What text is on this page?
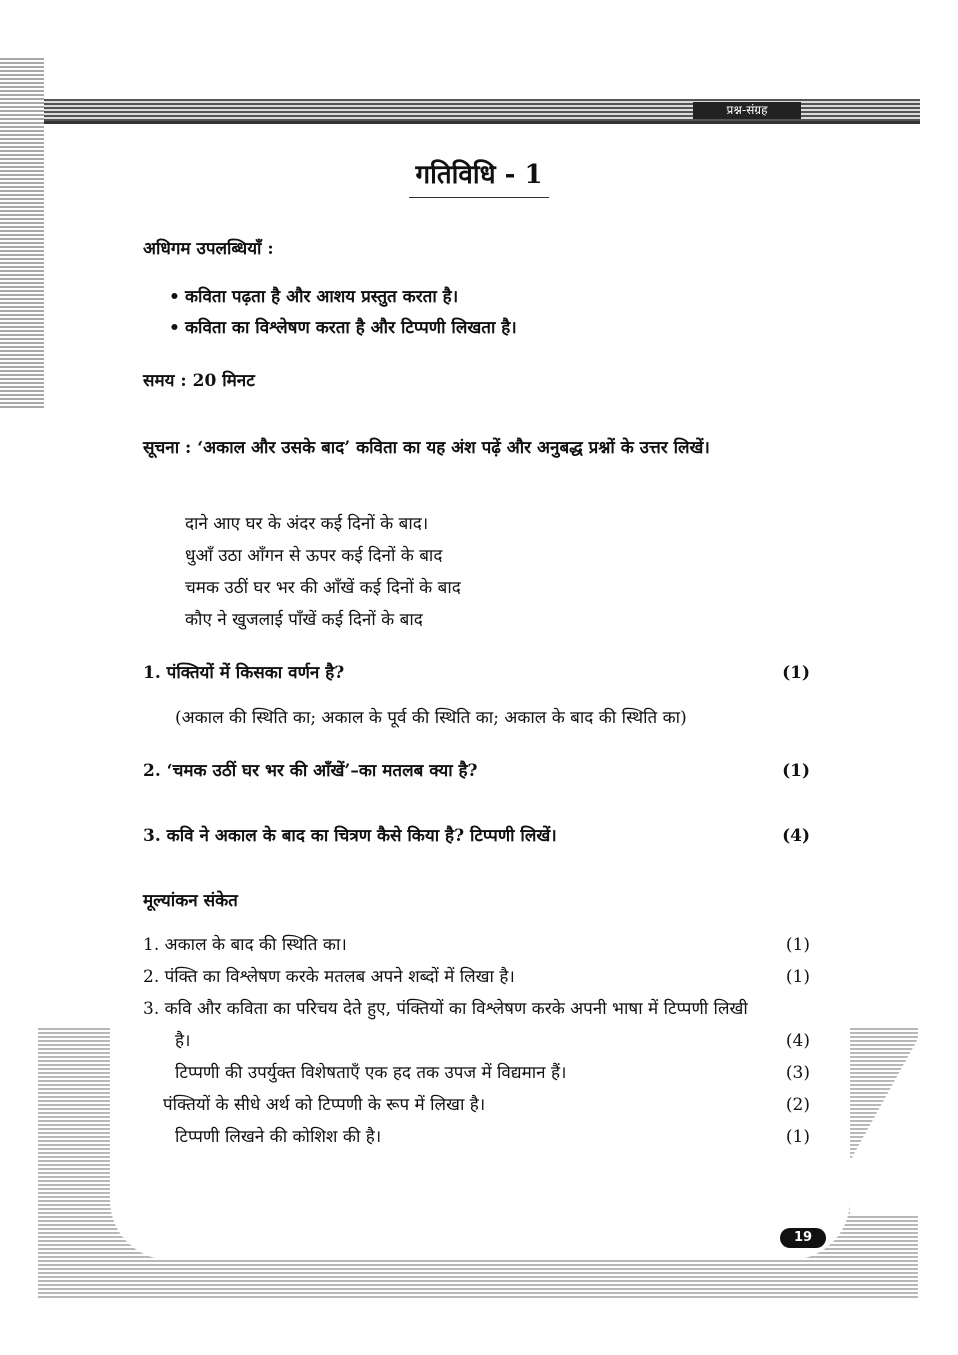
प्रश्न-संग्रह
गतिविधि - 1
अधिगम उपलब्धियाँ :
• कविता पढ़ता है और आशय प्रस्तुत करता है।
• कविता का विश्लेषण करता है और टिप्पणी लिखता है।
समय : 20 मिनट
सूचना : ‘अकाल और उसके बाद’ कविता का यह अंश पढ़ें और अनुबद्ध प्रश्नों के उत्तर लिखें।
दाने आए घर के अंदर कई दिनों के बाद।
धुआँ उठा आँगन से ऊपर कई दिनों के बाद
चमक उठीं घर भर की आँखें कई दिनों के बाद
कौए ने खुजलाई पाँखें कई दिनों के बाद
1. पंक्तियों में किसका वर्णन है?	(1)
(अकाल की स्थिति का; अकाल के पूर्व की स्थिति का; अकाल के बाद की स्थिति का)
2. ‘चमक उठीं घर भर की आँखें’–का मतलब क्या है?	(1)
3. कवि ने अकाल के बाद का चित्रण कैसे किया है? टिप्पणी लिखें।	(4)
मूल्यांकन संकेत
1. अकाल के बाद की स्थिति का।	(1)
2. पंक्ति का विश्लेषण करके मतलब अपने शब्दों में लिखा है।	(1)
3. कवि और कविता का परिचय देते हुए, पंक्तियों का विश्लेषण करके अपनी भाषा में टिप्पणी लिखी
है।	(4)
टिप्पणी की उपर्युक्त विशेषताएँ एक हद तक उपज में विद्यमान हैं।	(3)
पंक्तियों के सीधे अर्थ को टिप्पणी के रूप में लिखा है।	(2)
टिप्पणी लिखने की कोशिश की है।	(1)
19
